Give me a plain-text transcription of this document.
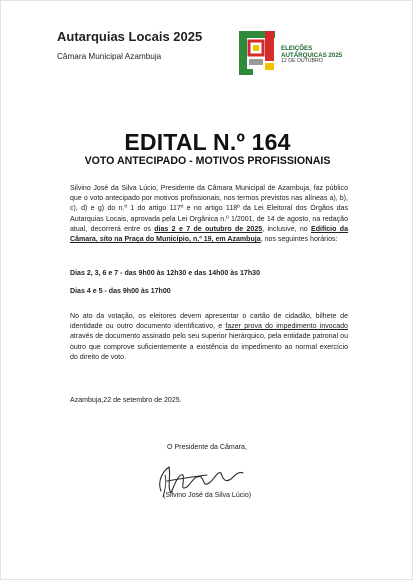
Autarquias Locais 2025
Câmara Municipal Azambuja
ELEIÇÕES
AUTÁRQUICAS 2025
12 DE OUTUBRO
EDITAL N.º 164
VOTO ANTECIPADO - MOTIVOS PROFISSIONAIS
Silvino José da Silva Lúcio, Presidente da Câmara Municipal de Azambuja, faz público que o voto antecipado por motivos profissionais, nos termos previstos nas alíneas a), b), c), d) e g) do n.º 1 do artigo 117º e no artigo 118º da Lei Eleitoral dos Órgãos das Autarquias Locais, aprovada pela Lei Orgânica n.º 1/2001, de 14 de agosto, na redação atual, decorrerá entre os dias 2 e 7 de outubro de 2025, inclusive, no Edifício da Câmara, sito na Praça do Município, n.º 19, em Azambuja, nos seguintes horários:
Dias 2, 3, 6 e 7 - das 9h00 às 12h30 e das 14h00 às 17h30
Dias 4 e 5 - das 9h00 às 17h00
No ato da votação, os eleitores devem apresentar o cartão de cidadão, bilhete de identidade ou outro documento identificativo, e fazer prova do impedimento invocado através de documento assinado pelo seu superior hierárquico, pela entidade patronal ou outro que comprove suficientemente a existência do impedimento ao normal exercício do direito de voto.
Azambuja,22 de setembro de 2025.
O Presidente da Câmara,
(Silvino José da Silva Lúcio)
